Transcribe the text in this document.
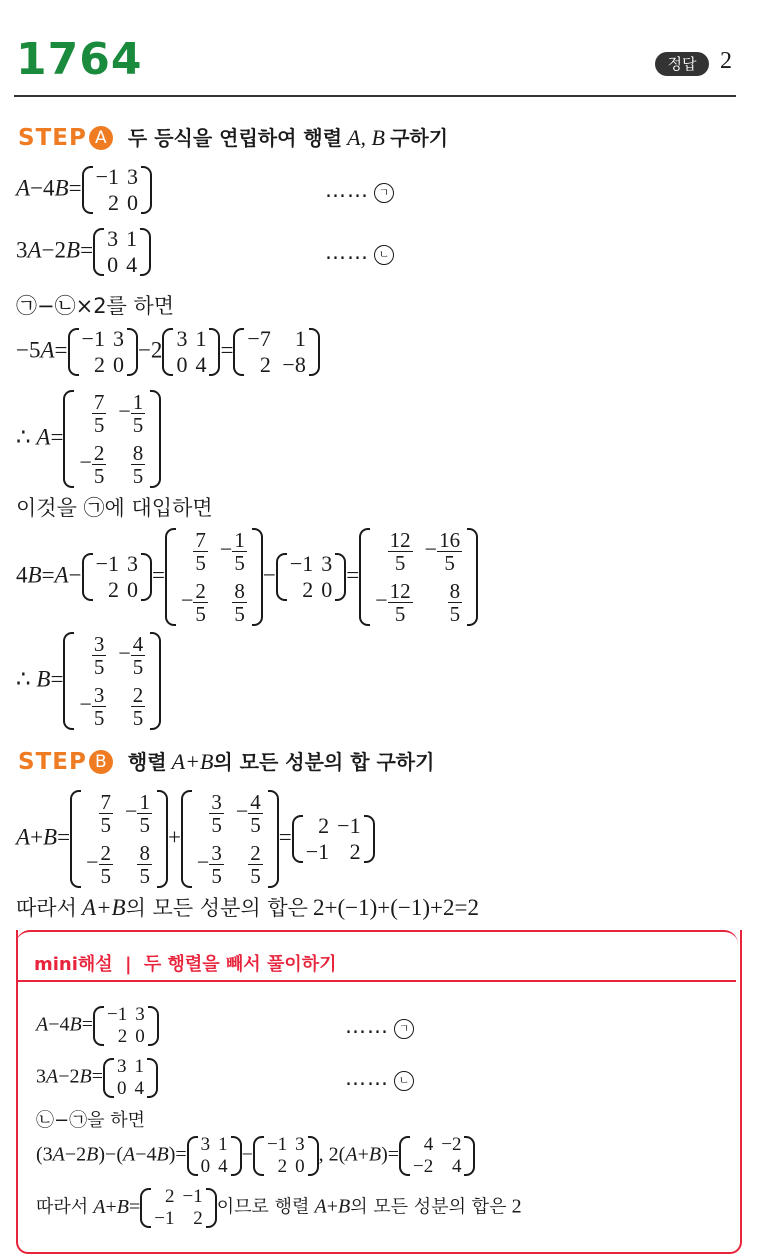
1764	정답 2
STEP A 두 등식을 연립하여 행렬 A, B 구하기
A−4B= −1	3
2	0	…… ㄱ
3A−2B= 3	1
0	4	…… ㄴ
㉠−㉡×2를 하면
−5A= −1	3
2	0
−2 3	1
0	4
= −7	1
2	−8
∴ A=
$\frac{7}{5}$	− $\frac{1}{5}$

− $\frac{2}{5}$	$\frac{8}{5}$
이것을 ㉠에 대입하면
4B=A− −1	3
2	0
=
$\frac{7}{5}$	− $\frac{1}{5}$

− $\frac{2}{5}$	$\frac{8}{5}$
− −1	3
2	0
=
$\frac{12}{5}$	− $\frac{16}{5}$

− $\frac{12}{5}$	$\frac{8}{5}$
∴ B=
$\frac{3}{5}$	− $\frac{4}{5}$

− $\frac{3}{5}$	$\frac{2}{5}$
STEP B 행렬 A+B의 모든 성분의 합 구하기
A+B=
$\frac{7}{5}$	− $\frac{1}{5}$

− $\frac{2}{5}$	$\frac{8}{5}$
+
$\frac{3}{5}$	− $\frac{4}{5}$

− $\frac{3}{5}$	$\frac{2}{5}$
= 2	−1
−1	2
따라서 A+B의 모든 성분의 합은 2+(−1)+(−1)+2=2
mini해설 | 두 행렬을 빼서 풀이하기
A−4B= −1	3
2	0	…… ㄱ
3A−2B= 3	1
0	4	…… ㄴ
㉡−㉠을 하면
(3A−2B)−(A−4B)= 3	1
0	4
− −1	3
2	0
, 2(A+B)= 4	−2
−2	4
따라서 A+B= 2	−1
−1	2
이므로 행렬 A+B의 모든 성분의 합은 2
